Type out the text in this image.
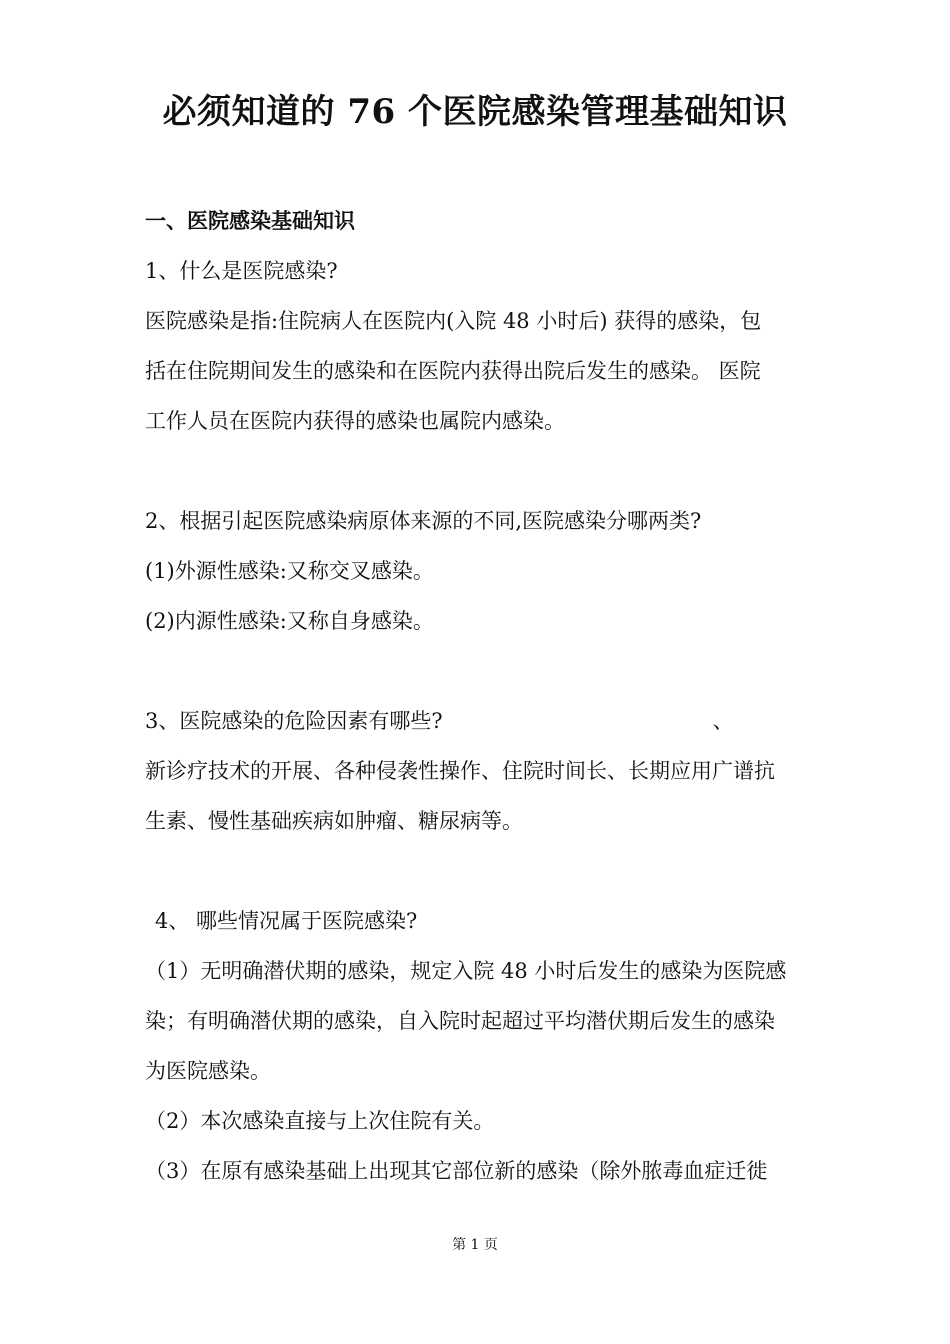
必须知道的 76 个医院感染管理基础知识
一、医院感染基础知识
1、什么是医院感染?
医院感染是指:住院病人在医院内(入院 48 小时后) 获得的感染，包
括在住院期间发生的感染和在医院内获得出院后发生的感染。 医院
工作人员在医院内获得的感染也属院内感染。
2、根据引起医院感染病原体来源的不同,医院感染分哪两类?
(1)外源性感染:又称交叉感染。
(2)内源性感染:又称自身感染。
3、医院感染的危险因素有哪些?	、
新诊疗技术的开展、各种侵袭性操作、住院时间长、长期应用广谱抗
生素、慢性基础疾病如肿瘤、糖尿病等。
4、 哪些情况属于医院感染?
（1）无明确潜伏期的感染，规定入院 48 小时后发生的感染为医院感
染；有明确潜伏期的感染，自入院时起超过平均潜伏期后发生的感染
为医院感染。
（2）本次感染直接与上次住院有关。
（3）在原有感染基础上出现其它部位新的感染（除外脓毒血症迁徙
第 1 页
